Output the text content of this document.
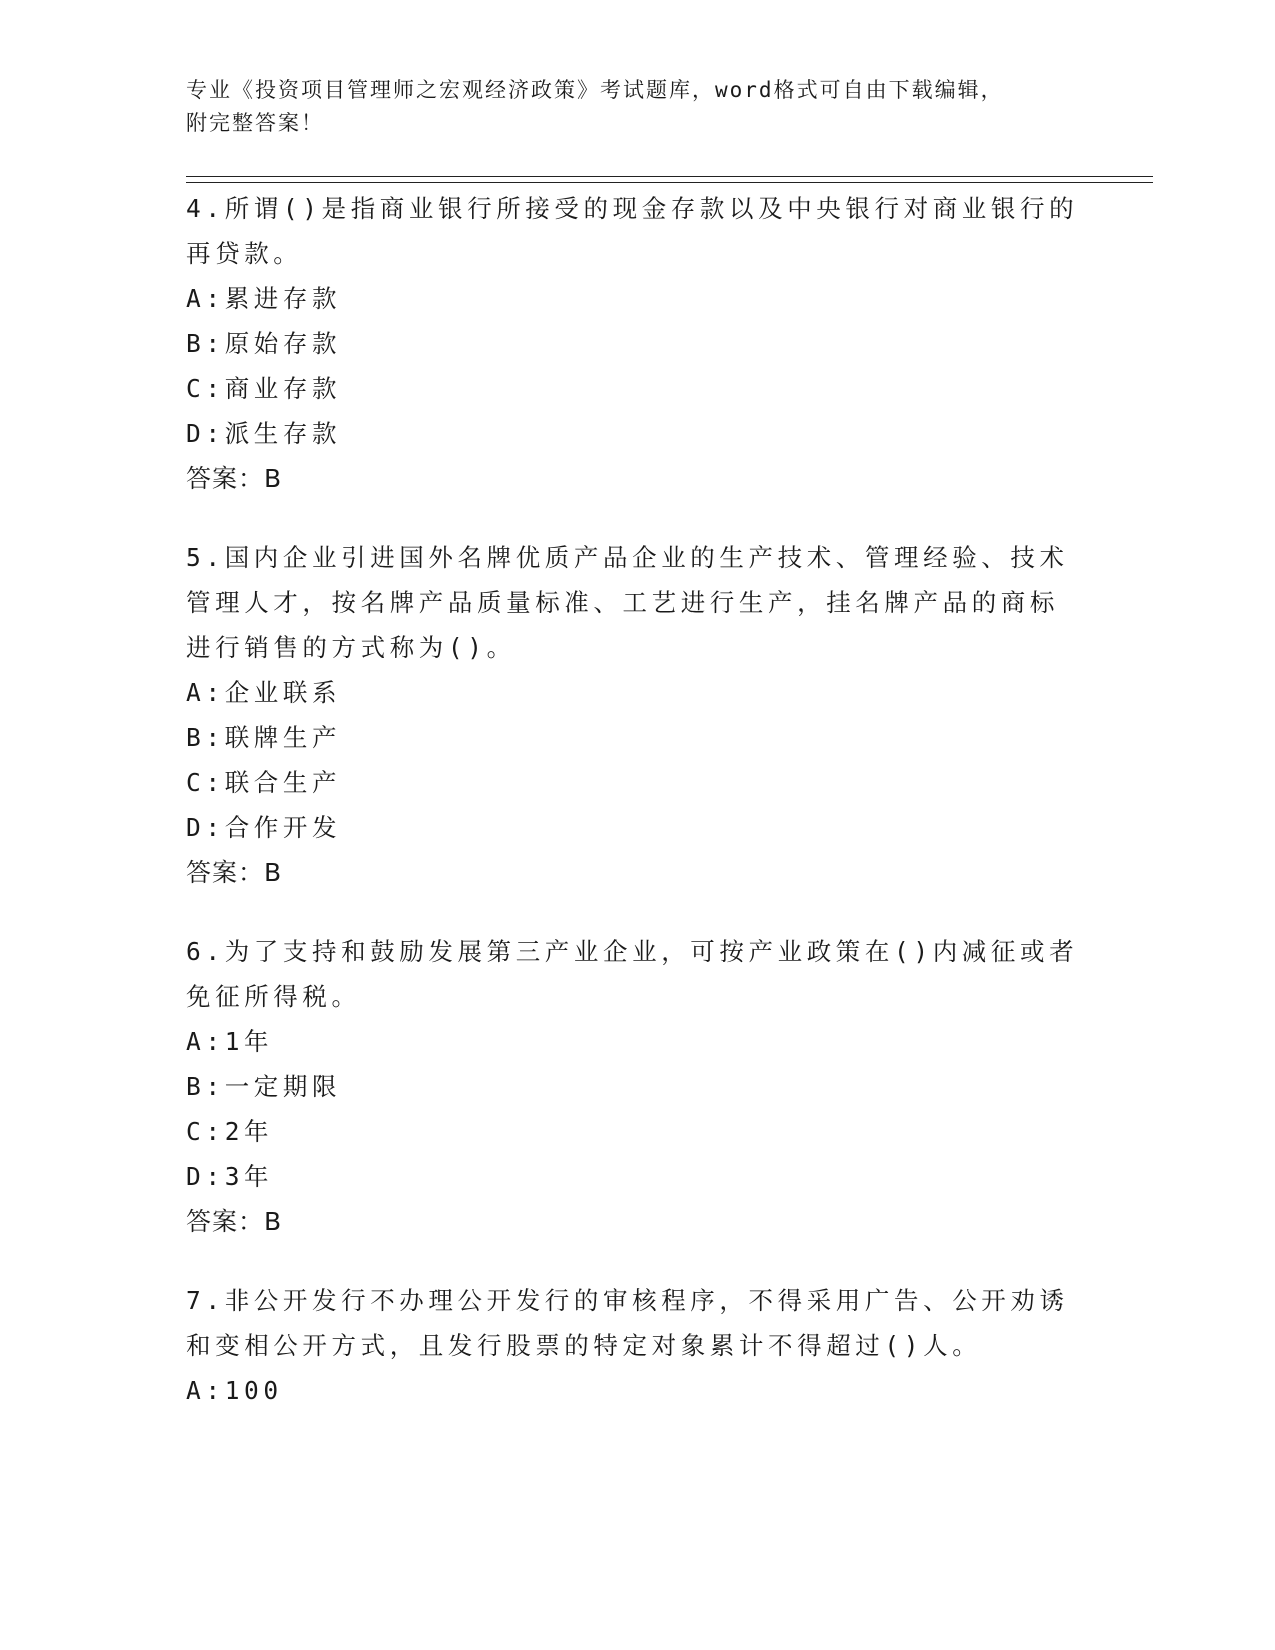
专业《投资项目管理师之宏观经济政策》考试题库，word格式可自由下载编辑，
附完整答案！
4.所谓()是指商业银行所接受的现金存款以及中央银行对商业银行的
再贷款。
A:累进存款
B:原始存款
C:商业存款
D:派生存款
答案：B
5.国内企业引进国外名牌优质产品企业的生产技术、管理经验、技术
管理人才，按名牌产品质量标准、工艺进行生产，挂名牌产品的商标
进行销售的方式称为()。
A:企业联系
B:联牌生产
C:联合生产
D:合作开发
答案：B
6.为了支持和鼓励发展第三产业企业，可按产业政策在()内减征或者
免征所得税。
A:1年
B:一定期限
C:2年
D:3年
答案：B
7.非公开发行不办理公开发行的审核程序，不得采用广告、公开劝诱
和变相公开方式，且发行股票的特定对象累计不得超过()人。
A:100
